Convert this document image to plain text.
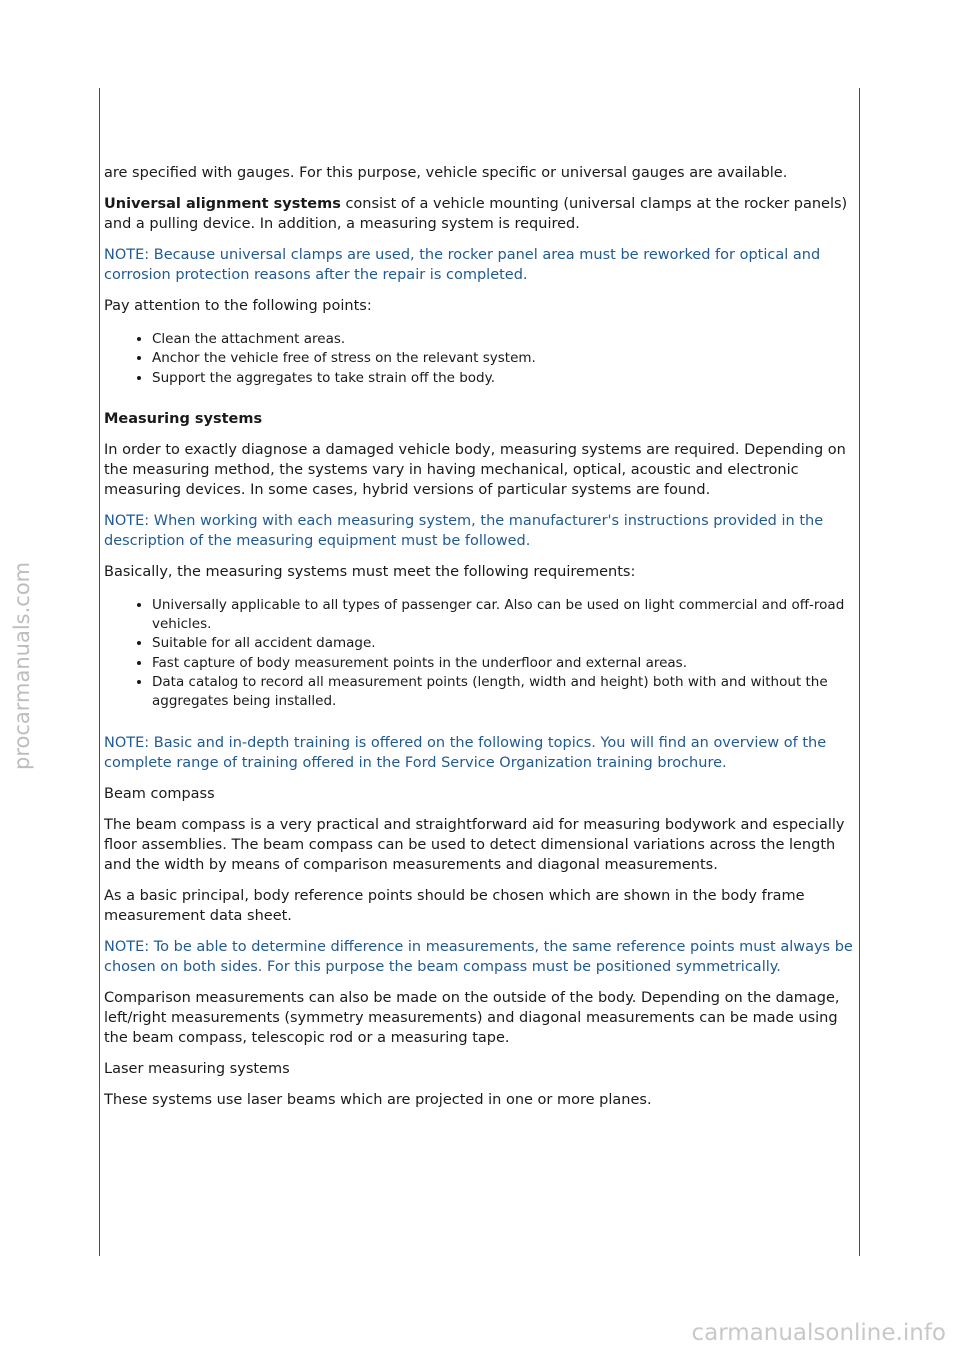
procarmanuals.com

are specified with gauges. For this purpose, vehicle specific or universal gauges are available.

Universal alignment systems consist of a vehicle mounting (universal clamps at the rocker panels) and a pulling device. In addition, a measuring system is required.

NOTE: Because universal clamps are used, the rocker panel area must be reworked for optical and corrosion protection reasons after the repair is completed.

Pay attention to the following points:

• Clean the attachment areas.
• Anchor the vehicle free of stress on the relevant system.
• Support the aggregates to take strain off the body.
Measuring systems

In order to exactly diagnose a damaged vehicle body, measuring systems are required. Depending on the measuring method, the systems vary in having mechanical, optical, acoustic and electronic measuring devices. In some cases, hybrid versions of particular systems are found.

NOTE: When working with each measuring system, the manufacturer's instructions provided in the description of the measuring equipment must be followed.

Basically, the measuring systems must meet the following requirements:

• Universally applicable to all types of passenger car. Also can be used on light commercial and off-road vehicles.
• Suitable for all accident damage.
• Fast capture of body measurement points in the underfloor and external areas.
• Data catalog to record all measurement points (length, width and height) both with and without the aggregates being installed.

NOTE: Basic and in-depth training is offered on the following topics. You will find an overview of the complete range of training offered in the Ford Service Organization training brochure.

Beam compass

The beam compass is a very practical and straightforward aid for measuring bodywork and especially floor assemblies. The beam compass can be used to detect dimensional variations across the length and the width by means of comparison measurements and diagonal measurements.

As a basic principal, body reference points should be chosen which are shown in the body frame measurement data sheet.

NOTE: To be able to determine difference in measurements, the same reference points must always be chosen on both sides. For this purpose the beam compass must be positioned symmetrically.

Comparison measurements can also be made on the outside of the body. Depending on the damage, left/right measurements (symmetry measurements) and diagonal measurements can be made using the beam compass, telescopic rod or a measuring tape.

Laser measuring systems

These systems use laser beams which are projected in one or more planes.

carmanualsonline.info
